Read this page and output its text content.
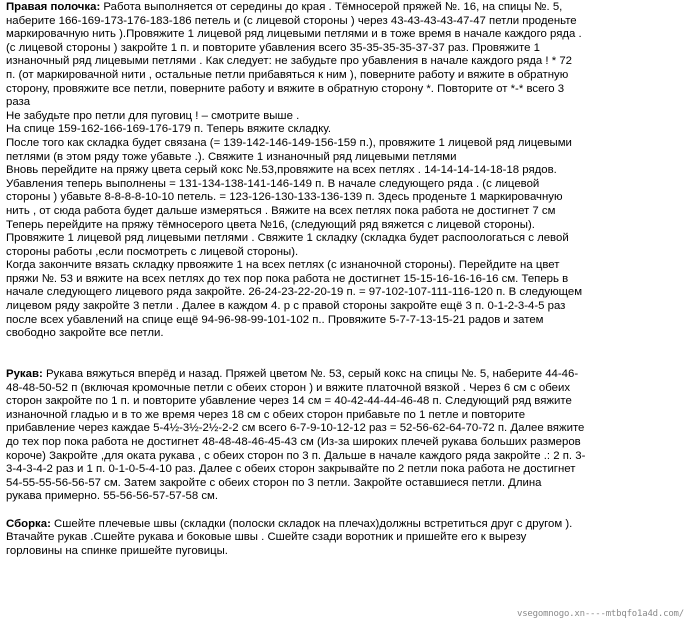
Правая полочка: Работа выполняется от середины до края . Тёмносерой пряжей №. 16, на спицы №. 5,
наберите 166-169-173-176-183-186 петель и (с лицевой стороны ) через 43-43-43-43-47-47 петли проденьте
маркировачную нить ).Провяжите 1 лицевой ряд лицевыми петлями и в тоже время в начале каждого ряда .
(с лицевой стороны ) закройте 1 п. и повторите убавления всего 35-35-35-35-37-37 раз. Провяжите 1
изнаночный ряд лицевыми петлями . Как следует: не забудьте про убавления в начале каждого ряда ! * 72
п. (от маркировачной нити , остальные петли прибавяться к ним ), поверните работу и вяжите в обратную
сторону, провяжите все петли, поверните работу и вяжите в обратную сторону *. Повторите от *-* всего 3
раза
Не забудьте про петли для пуговиц ! – смотрите выше .
На спице 159-162-166-169-176-179 п. Теперь вяжите складку.
После того как складка будет связана (= 139-142-146-149-156-159 п.), провяжите 1 лицевой ряд лицевыми
петлями (в этом ряду тоже убавьте .). Свяжите 1 изнаночный ряд лицевыми петлями
Вновь перейдите на пряжу цвета серый кокс №.53,провяжите на всех петлях . 14-14-14-14-18-18 рядов.
Убавления теперь выполнены = 131-134-138-141-146-149 п. В начале следующего ряда . (с лицевой
стороны ) убавьте 8-8-8-8-10-10 петель. = 123-126-130-133-136-139 п. Здесь проденьте 1 маркировачную
нить , от сюда работа будет дальше измеряться . Вяжите на всех петлях пока работа не достигнет 7 см
Теперь перейдите на пряжу тёмносерого цвета №16, (следующий ряд вяжется с лицевой стороны).
Провяжите 1 лицевой ряд лицевыми петлями . Свяжите 1 складку (складка будет распоологаться с левой
стороны работы ,если посмотреть с лицевой стороны).
Когда закончите вязать складку првояжите 1 на всех петлях (с изнаночной стороны). Перейдите на цвет
пряжи №. 53 и вяжите на всех петлях до тех пор пока работа не достигнет 15-15-16-16-16-16 см. Теперь в
начале следующего лицевого ряда закройте. 26-24-23-22-20-19 п. = 97-102-107-111-116-120 п. В следующем
лицевом ряду закройте 3 петли . Далее в каждом 4. р с правой стороны закройте ещё 3 п. 0-1-2-3-4-5 раз
после всех убавлений на спице ещё 94-96-98-99-101-102 п.. Провяжите 5-7-7-13-15-21 радов и затем
свободно закройте все петли.
Рукав: Рукава вяжуться вперёд и назад. Пряжей цветом №. 53, серый кокс на спицы №. 5, наберите 44-46-
48-48-50-52 п (включая кромочные петли с обеих сторон ) и вяжите платочной вязкой . Через 6 см с обеих
сторон закройте по 1 п. и повторите убавление через 14 см = 40-42-44-44-46-48 п. Следующий ряд вяжите
изнаночной гладью и в то же время через 18 см с обеих сторон прибавьте по 1 петле и повторите
прибавление через каждае 5-4½-3½-2½-2-2 см всего 6-7-9-10-12-12 раз = 52-56-62-64-70-72 п. Далее вяжите
до тех пор пока работа не достигнет 48-48-48-46-45-43 см (Из-за широких плечей рукава больших размеров
короче) Закройте ,для оката рукава , с обеих сторон по 3 п. Дальше в начале каждого ряда закройте .: 2 п. 3-
3-4-3-4-2 раз и 1 п. 0-1-0-5-4-10 раз. Далее с обеих сторон закрывайте по 2 петли пока работа не достигнет
54-55-55-56-56-57 см. Затем закройте с обеих сторон по 3 петли. Закройте оставшиеся петли. Длина
рукава примерно. 55-56-56-57-57-58 см.
Сборка: Сшейте плечевые швы (складки (полоски складок на плечах)должны встретиться друг с другом ).
Втачайте рукав .Сшейте рукава и боковые швы . Сшейте сзади воротник и пришейте его к вырезу
горловины на спинке пришейте пуговицы.
vsegomnogo.xn----mtbqfo1a4d.com/
